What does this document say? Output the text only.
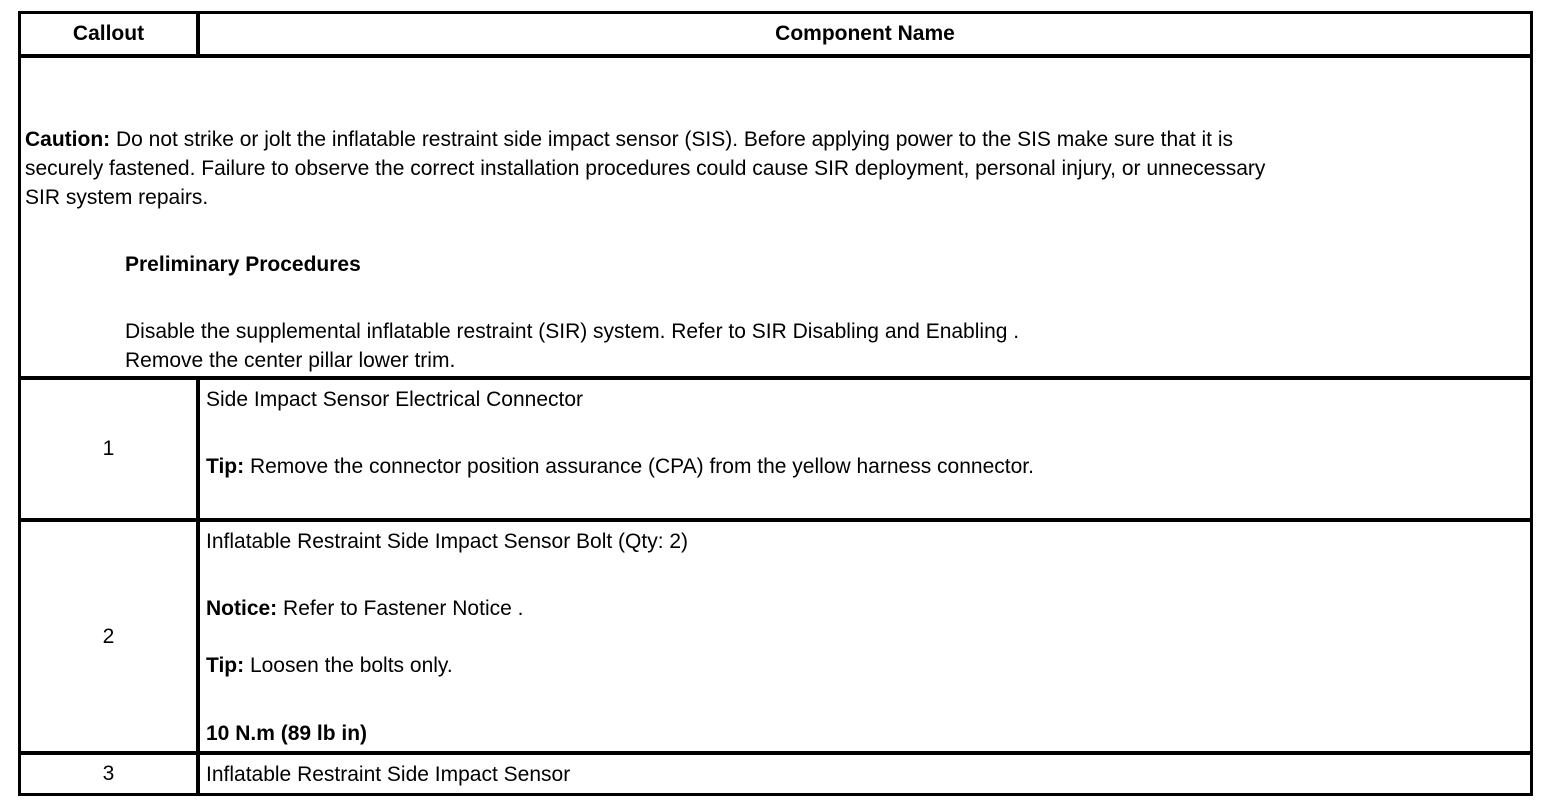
Callout	Component Name
Caution: Do not strike or jolt the inflatable restraint side impact sensor (SIS). Before applying power to the SIS make sure that it is
securely fastened. Failure to observe the correct installation procedures could cause SIR deployment, personal injury, or unnecessary
SIR system repairs.
Preliminary Procedures
Disable the supplemental inflatable restraint (SIR) system. Refer to SIR Disabling and Enabling .
Remove the center pillar lower trim.
1
Side Impact Sensor Electrical Connector
Tip: Remove the connector position assurance (CPA) from the yellow harness connector.
2
Inflatable Restraint Side Impact Sensor Bolt (Qty: 2)
Notice: Refer to Fastener Notice .
Tip: Loosen the bolts only.
10 N.m (89 lb in)
3	Inflatable Restraint Side Impact Sensor
